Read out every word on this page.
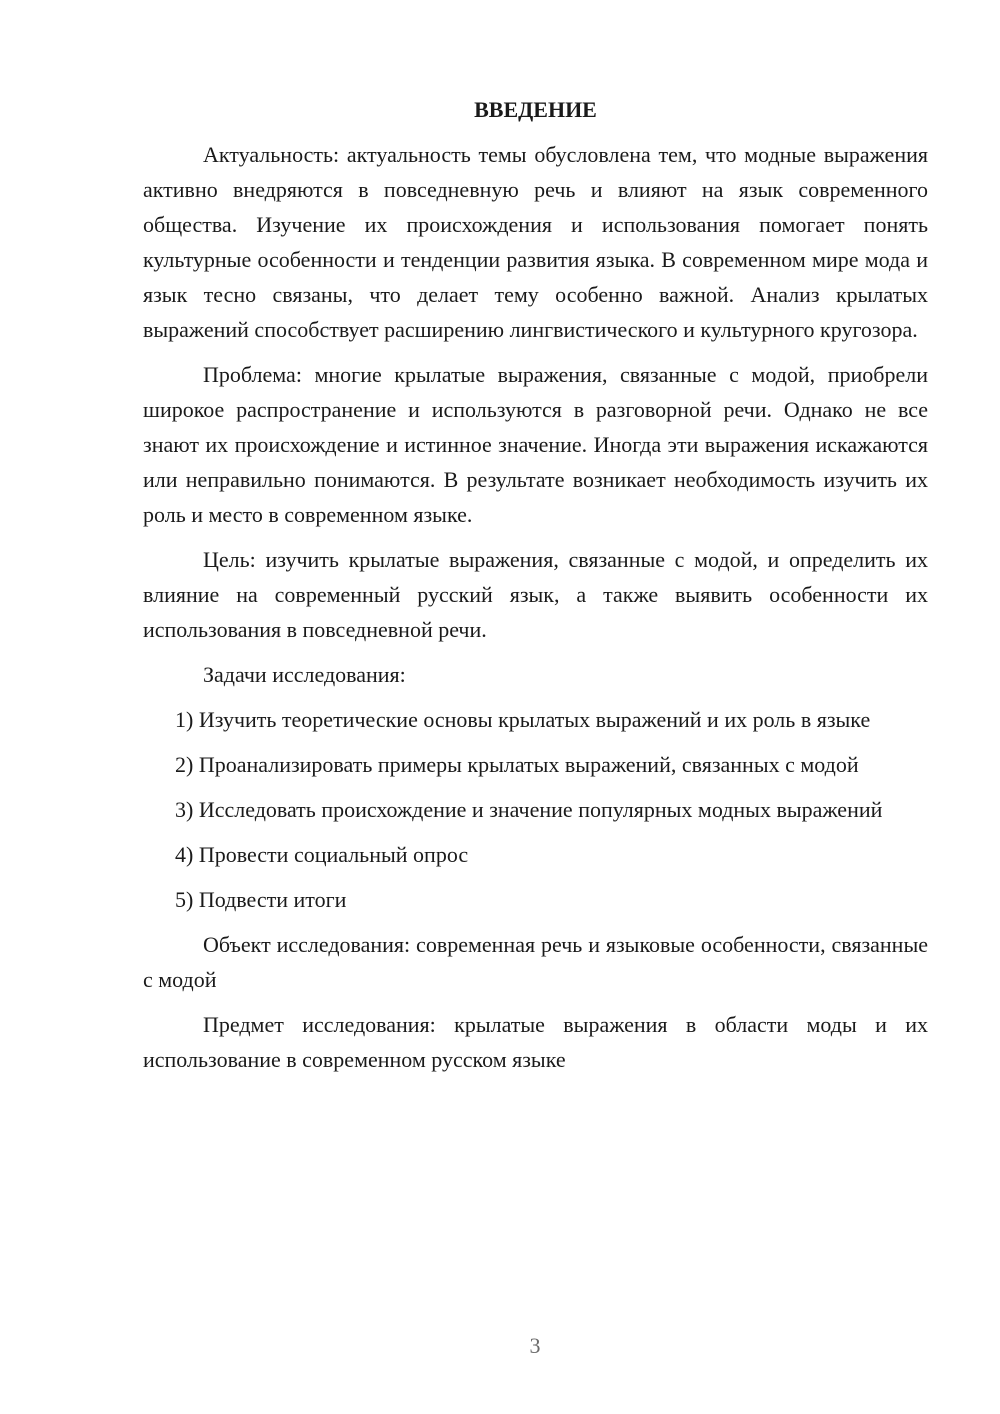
ВВЕДЕНИЕ

Актуальность: актуальность темы обусловлена тем, что модные выражения активно внедряются в повседневную речь и влияют на язык современного общества. Изучение их происхождения и использования помогает понять культурные особенности и тенденции развития языка. В современном мире мода и язык тесно связаны, что делает тему особенно важной. Анализ крылатых выражений способствует расширению лингвистического и культурного кругозора.

Проблема: многие крылатые выражения, связанные с модой, приобрели широкое распространение и используются в разговорной речи. Однако не все знают их происхождение и истинное значение. Иногда эти выражения искажаются или неправильно понимаются. В результате возникает необходимость изучить их роль и место в современном языке.

Цель: изучить крылатые выражения, связанные с модой, и определить их влияние на современный русский язык, а также выявить особенности их использования в повседневной речи.

Задачи исследования:

1) Изучить теоретические основы крылатых выражений и их роль в языке

2) Проанализировать примеры крылатых выражений, связанных с модой

3) Исследовать происхождение и значение популярных модных выражений

4) Провести социальный опрос

5) Подвести итоги

Объект исследования: современная речь и языковые особенности, связанные с модой

Предмет исследования: крылатые выражения в области моды и их использование в современном русском языке

3
